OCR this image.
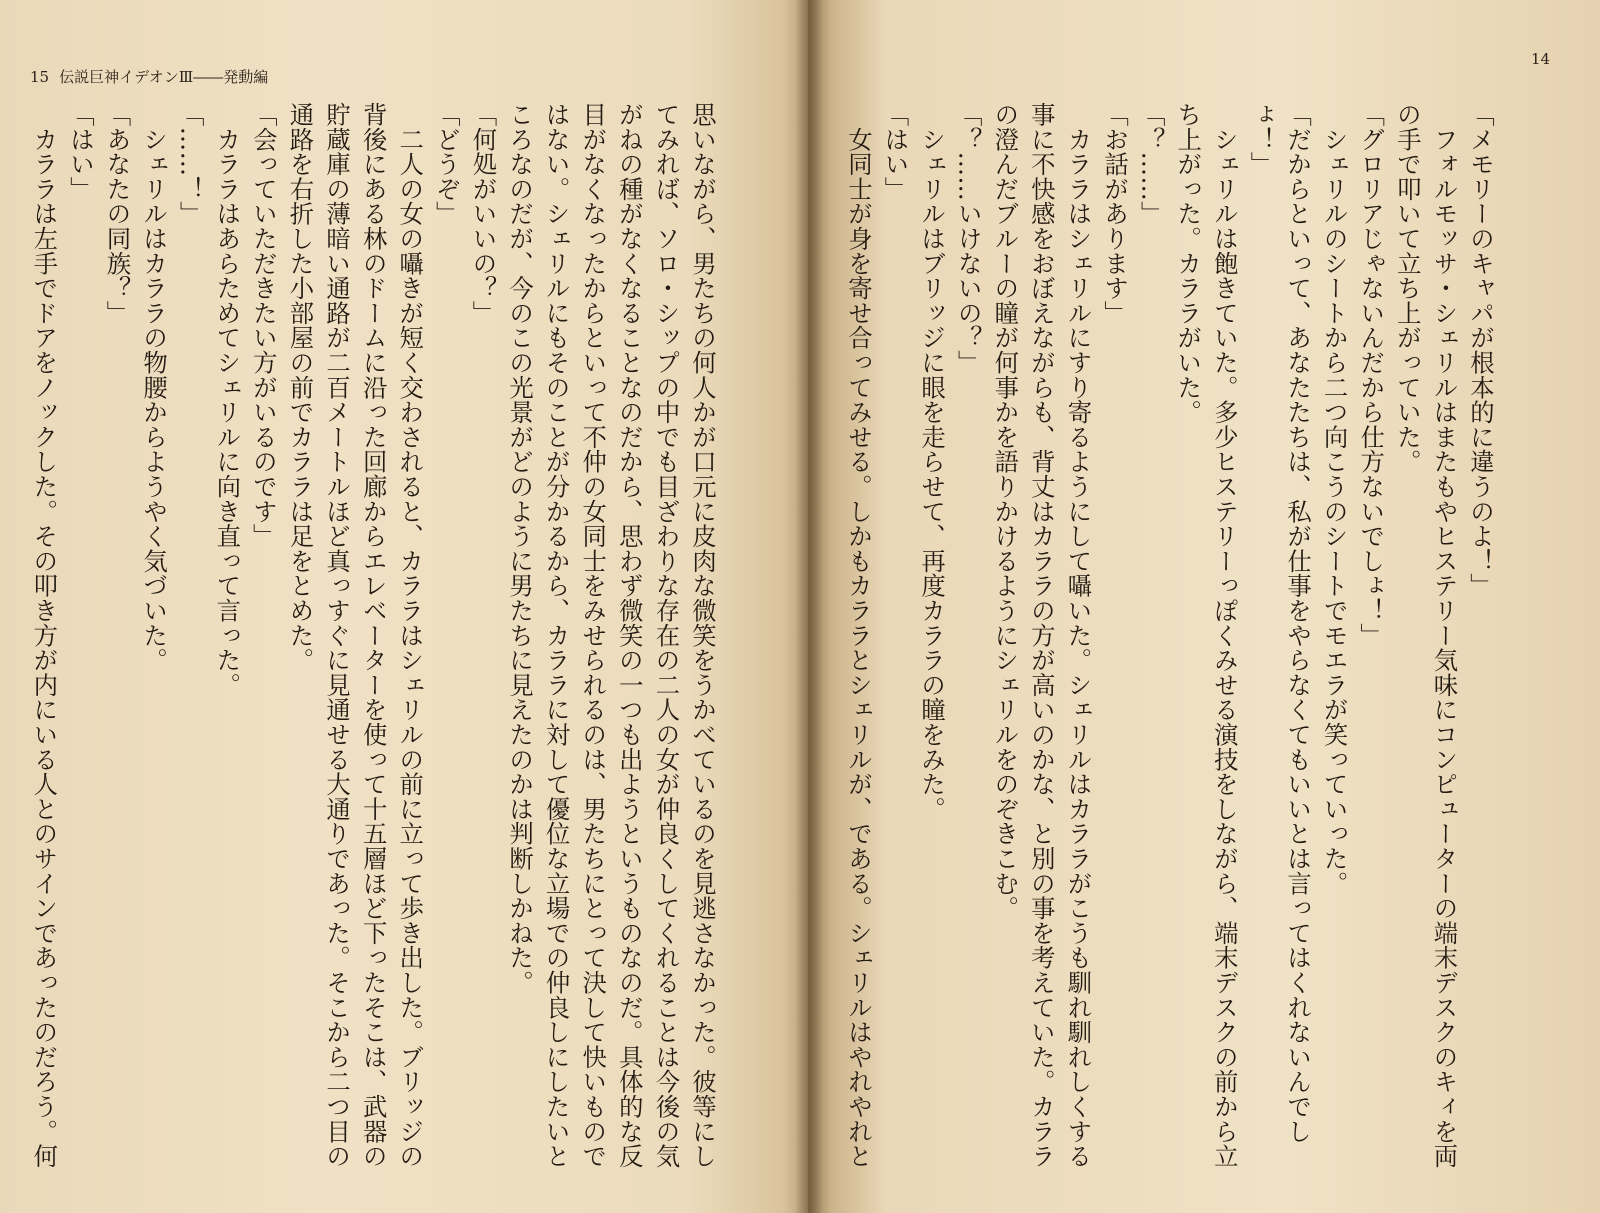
15 伝説巨神イデオンⅢ――発動編
思いながら、男たちの何人かが口元に皮肉な微笑をうかべているのを見逃さなかった。彼等にし
てみれば、ソロ・シップの中でも目ざわりな存在の二人の女が仲良くしてくれることは今後の気
がねの種がなくなることなのだから、思わず微笑の一つも出ようというものなのだ。具体的な反
目がなくなったからといって不仲の女同士をみせられるのは、男たちにとって決して快いもので
はない。シェリルにもそのことが分かるから、カララに対して優位な立場での仲良しにしたいと
ころなのだが、今のこの光景がどのように男たちに見えたのかは判断しかねた。
「何処がいいの？」
「どうぞ」
　二人の女の囁きが短く交わされると、カララはシェリルの前に立って歩き出した。ブリッジの
背後にある林のドームに沿った回廊からエレベーターを使って十五層ほど下ったそこは、武器の
貯蔵庫の薄暗い通路が二百メートルほど真っすぐに見通せる大通りであった。そこから二つ目の
通路を右折した小部屋の前でカララは足をとめた。
「会っていただきたい方がいるのです」
　カララはあらためてシェリルに向き直って言った。
「……！」
　シェリルはカララの物腰からようやく気づいた。
「あなたの同族？」
「はい」
　カララは左手でドアをノックした。その叩き方が内にいる人とのサインであったのだろう。何	「メモリーのキャパが根本的に違うのよ！」
　フォルモッサ・シェリルはまたもやヒステリー気味にコンピューターの端末デスクのキィを両
の手で叩いて立ち上がっていた。
「グロリアじゃないんだから仕方ないでしょ！」
　シェリルのシートから二つ向こうのシートでモエラが笑っていった。
「だからといって、あなたたちは、私が仕事をやらなくてもいいとは言ってはくれないんでし
ょ！」
　シェリルは飽きていた。多少ヒステリーっぽくみせる演技をしながら、端末デスクの前から立
ち上がった。カララがいた。
「？……」
「お話があります」
　カララはシェリルにすり寄るようにして囁いた。シェリルはカララがこうも馴れ馴れしくする
事に不快感をおぼえながらも、背丈はカララの方が高いのかな、と別の事を考えていた。カララ
の澄んだブルーの瞳が何事かを語りかけるようにシェリルをのぞきこむ。
「？……いけないの？」
　シェリルはブリッジに眼を走らせて、再度カララの瞳をみた。
「はい」
　女同士が身を寄せ合ってみせる。しかもカララとシェリルが、である。シェリルはやれやれと
14
